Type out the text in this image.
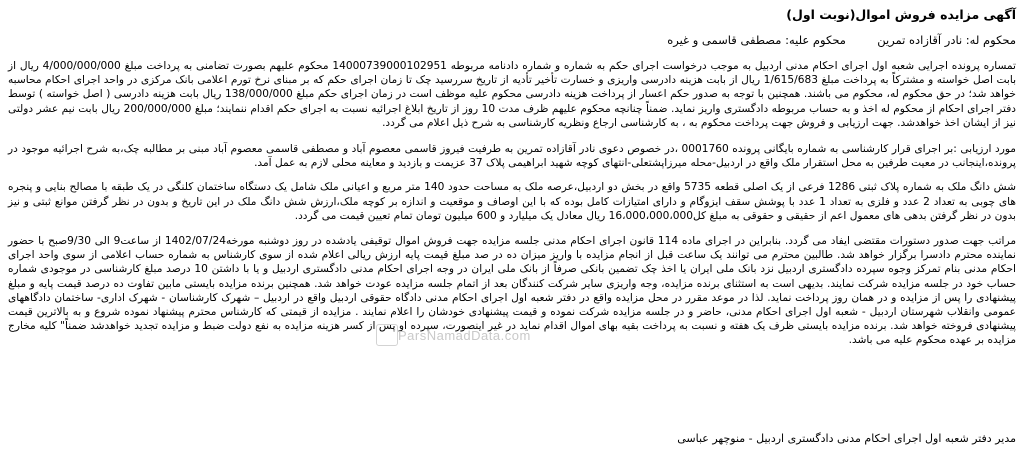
آگهی مزایده فروش اموال(نوبت اول)
محکوم له: نادر آقازاده تمرین  محکوم علیه: مصطفی قاسمی و غیره

تمساره پرونده اجرایی شعبه اول اجرای احکام مدنی اردبیل به موجب درخواست اجرای حکم به شماره و شماره دادنامه مربوطه 14000739000102951 محکوم علیهم بصورت تضامنی به پرداخت مبلغ 4/000/000/000 ریال از بابت اصل خواسته و مشترکاً به پرداخت مبلغ 1/615/683 ریال از بابت هزینه دادرسی واریزی و خسارت تأخیر تأدیه از تاریخ سررسید چک تا زمان اجرای حکم که بر مبنای نرخ تورم اعلامی بانک مرکزی در واحد اجرای احکام محاسبه خواهد شد؛ در حق محکوم له، محکوم می باشند. همچنین با توجه به صدور حکم اعسار از پرداخت هزینه دادرسی محکوم علیه موظف است در زمان اجرای حکم مبلغ 138/000/000 ریال بابت هزینه دادرسی ( اصل خواسته ) توسط دفتر اجرای احکام از محکوم له اخذ و به حساب مربوطه دادگستری واریز نماید. ضمناً چنانچه محکوم علیهم ظرف مدت 10 روز از تاریخ ابلاغ اجرائیه نسبت به اجرای حکم اقدام ننمایند؛ مبلغ 200/000/000 ریال بابت نیم عشر دولتی نیز از ایشان اخذ خواهدشد. جهت ارزیابی و فروش جهت پرداخت محکوم به ، به کارشناسی ارجاع ونظریه کارشناسی به شرح ذیل اعلام می گردد.

مورد ارزیابی :بر اجرای قرار کارشناسی به شماره بایگانی پرونده 0001760 ،در خصوص دعوی نادر آقازاده تمرین به طرفیت فیروز قاسمی معصوم آباد و مصطفی قاسمی معصوم آباد مبنی بر مطالبه چک،به شرح اجرائیه موجود در پرونده،اینجانب در معیت طرفین به محل استقرار ملک واقع در اردبیل-محله میرزاپشتعلی-انتهای کوچه شهید ابراهیمی پلاک 37 عزیمت و بازدید و معاینه محلی لازم به عمل آمد.

شش دانگ ملک به شماره پلاک ثبتی 1286 فرعی از یک اصلی قطعه 5735 واقع در بخش دو اردبیل،عرصه ملک به مساحت حدود 140 متر مربع و اعیانی ملک شامل یک دستگاه ساختمان کلنگی در یک طبقه با مصالح بنایی و پنجره های چوبی به تعداد 2 عدد و فلزی به تعداد 1 عدد با پوشش سقف ایزوگام و دارای امتیازات کامل بوده که با این اوصاف و موقعیت و اندازه بر کوچه ملک،ارزش شش دانگ ملک در این تاریخ و بدون در نظر گرفتن موانع ثبتی و نیز بدون در نظر گرفتن بدهی های معمول اعم از حقیقی و حقوقی به مبلغ کل16،000،000،000 ریال معادل یک میلیارد و 600 میلیون تومان تمام تعیین قیمت می گردد.

مراتب جهت صدور دستورات مقتضی ایفاد می گردد. بنابراین در اجرای ماده 114 قانون اجرای احکام مدنی جلسه مزایده جهت فروش اموال توقیفی یادشده در روز دوشنبه مورخه1402/07/24 از ساعت9 الی 9/30صبح با حضور نماینده محترم دادسرا برگزار خواهد شد. طالبین محترم می توانند یک ساعت قبل از انجام مزایده با واریز میزان ده در صد مبلغ قیمت پایه ارزش ریالی اعلام شده از سوی کارشناس به شماره حساب اعلامی از سوی واحد اجرای احکام مدنی بنام تمرکز وجوه سپرده دادگستری اردبیل نزد بانک ملی ایران یا اخذ چک تضمین بانکی صرفاً از بانک ملی ایران در وجه اجرای احکام مدنی دادگستری اردبیل و یا با داشتن 10 درصد مبلغ کارشناسی در موجودی شماره حساب خود در جلسه مزایده شرکت نمایند. بدیهی است به استثنای برنده مزایده، وجه واریزی سایر شرکت کنندگان بعد از اتمام جلسه مزایده عودت خواهد شد. همچنین برنده مزایده بایستی مابین تفاوت ده درصد قیمت پایه و مبلغ پیشنهادی را پس از مزایده و در همان روز پرداخت نماید. لذا در موعد مقرر در محل مزایده واقع در دفتر شعبه اول اجرای احکام مدنی دادگاه حقوقی اردبیل واقع در اردبیل – شهرک کارشناسان - شهرک اداری- ساختمان دادگاههای عمومی وانقلاب شهرستان اردبیل - شعبه اول اجرای احکام مدنی، حاضر و در جلسه مزایده شرکت نموده و قیمت پیشنهادی خودشان را اعلام نمایند . مزایده از قیمتی که کارشناس محترم پیشنهاد نموده شروع و به بالاترین قیمت پیشنهادی فروخته خواهد شد. برنده مزایده بایستی ظرف یک هفته و نسبت به پرداخت بقیه بهای اموال اقدام نماید در غیر اینصورت، سپرده او پس از کسر هزینه مزایده به نفع دولت ضبط و مزایده تجدید خواهدشد ضمناً" کلیه مخارج مزایده بر عهده محکوم علیه می باشد.

ParsNamadData.com
مدیر دفتر شعبه اول اجرای احکام مدنی دادگستری اردبیل - منوچهر عباسی
